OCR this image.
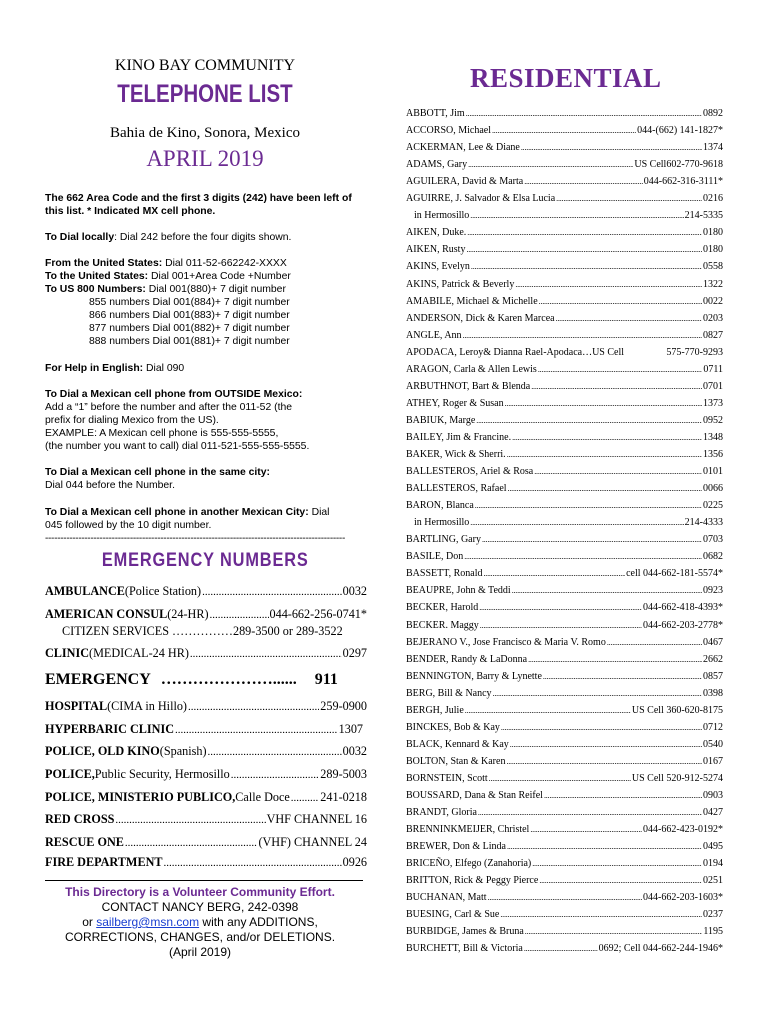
KINO BAY COMMUNITY
TELEPHONE LIST
Bahia de Kino, Sonora, Mexico
APRIL 2019
The 662 Area Code and the first 3 digits (242) have been left of this list. * Indicated MX cell phone.
To Dial locally: Dial 242 before the four digits shown.
From the United States: Dial 011-52-662242-XXXX
To the United States: Dial 001+Area Code +Number
To US 800 Numbers: Dial 001(880)+ 7 digit number
855 numbers Dial 001(884)+ 7 digit number
866 numbers Dial 001(883)+ 7 digit number
877 numbers Dial 001(882)+ 7 digit number
888 numbers Dial 001(881)+ 7 digit number
For Help in English: Dial 090
To Dial a Mexican cell phone from OUTSIDE Mexico:
Add a “1” before the number and after the 011-52 (the
prefix for dialing Mexico from the US).
EXAMPLE: A Mexican cell phone is 555-555-5555,
(the number you want to call) dial 011-521-555-555-5555.
To Dial a Mexican cell phone in the same city:
Dial 044 before the Number.
To Dial a Mexican cell phone in another Mexican City: Dial
045 followed by the 10 digit number.
---------------------------------------------------------------------------------------------------
EMERGENCY NUMBERS
AMBULANCE (Police Station) .....	0032
AMERICAN CONSUL (24-HR) .....	044-662-256-0741*
CITIZEN SERVICES ……………289-3500 or 289-3522
CLINIC (MEDICAL-24 HR) .....	0297
EMERGENCY …………………...... 911
HOSPITAL (CIMA in Hillo) .....	259-0900
HYPERBARIC CLINIC .....	1307
POLICE, OLD KINO (Spanish) .....	0032
POLICE, Public Security, Hermosillo .....	289-5003
POLICE, MINISTERIO PUBLICO, Calle Doce .....	241-0218
RED CROSS .....	VHF CHANNEL 16
RESCUE ONE .....	(VHF) CHANNEL 24
FIRE DEPARTMENT .....	0926
This Directory is a Volunteer Community Effort.
CONTACT NANCY BERG, 242-0398
or sailberg@msn.com with any ADDITIONS,
CORRECTIONS, CHANGES, and/or DELETIONS.
(April 2019)
RESIDENTIAL
ABBOTT, Jim .....	0892
ACCORSO, Michael .....	044-(662) 141-1827*
ACKERMAN, Lee & Diane .....	1374
ADAMS, Gary .....	US Cell602-770-9618
AGUILERA, David & Marta .....	044-662-316-3111*
AGUIRRE, J. Salvador & Elsa Lucia .....	0216
in Hermosillo .....	214-5335
AIKEN, Duke. .....	0180
AIKEN, Rusty .....	0180
AKINS, Evelyn .....	0558
AKINS, Patrick & Beverly .....	1322
AMABILE, Michael & Michelle .....	0022
ANDERSON, Dick & Karen Marcea .....	0203
ANGLE, Ann .....	0827
APODACA, Leroy& Dianna Rael-Apodaca…US Cell	575-770-9293
ARAGON, Carla & Allen Lewis .....	0711
ARBUTHNOT, Bart & Blenda .....	0701
ATHEY, Roger & Susan .....	1373
BABIUK, Marge .....	0952
BAILEY, Jim & Francine. .....	1348
BAKER, Wick & Sherri. .....	1356
BALLESTEROS, Ariel & Rosa .....	0101
BALLESTEROS, Rafael .....	0066
BARON, Blanca .....	0225
in Hermosillo .....	214-4333
BARTLING, Gary .....	0703
BASILE, Don .....	0682
BASSETT, Ronald .....	cell 044-662-181-5574*
BEAUPRE, John & Teddi .....	0923
BECKER, Harold .....	044-662-418-4393*
BECKER. Maggy .....	044-662-203-2778*
BEJERANO V., Jose Francisco & Maria V. Romo .....	0467
BENDER, Randy & LaDonna .....	2662
BENNINGTON, Barry & Lynette .....	0857
BERG, Bill & Nancy .....	0398
BERGH, Julie .....	US Cell 360-620-8175
BINCKES, Bob & Kay .....	0712
BLACK, Kennard & Kay .....	0540
BOLTON, Stan & Karen .....	0167
BORNSTEIN, Scott .....	US Cell 520-912-5274
BOUSSARD, Dana & Stan Reifel .....	0903
BRANDT, Gloria .....	0427
BRENNINKMEIJER, Christel .....	044-662-423-0192*
BREWER, Don & Linda .....	0495
BRICEÑO, Elfego (Zanahoria) .....	0194
BRITTON, Rick & Peggy Pierce .....	0251
BUCHANAN, Matt .....	044-662-203-1603*
BUESING, Carl & Sue .....	0237
BURBIDGE, James & Bruna .....	1195
BURCHETT, Bill & Victoria .....	0692; Cell 044-662-244-1946*
